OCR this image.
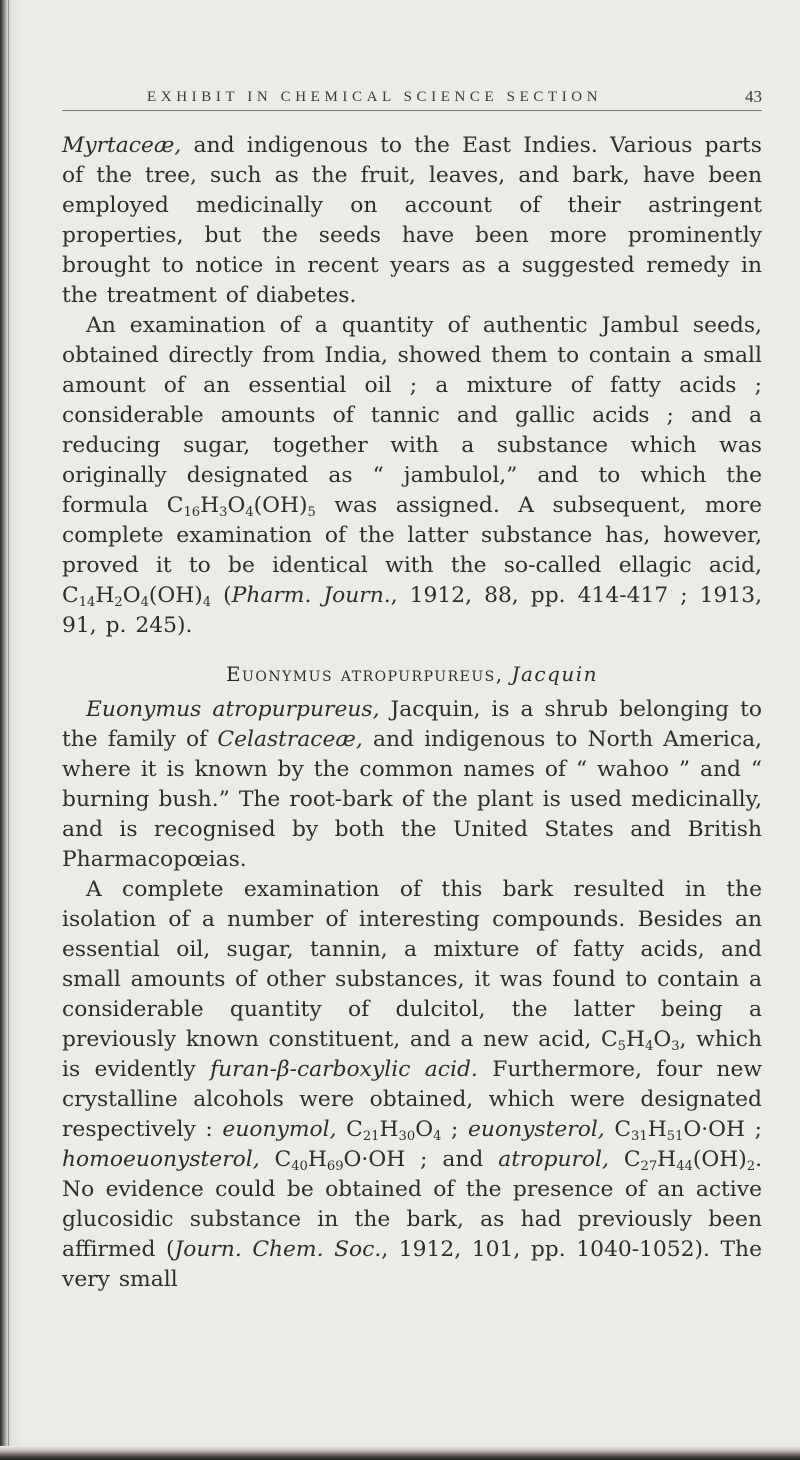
EXHIBIT IN CHEMICAL SCIENCE SECTION	43

Myrtaceæ, and indigenous to the East Indies. Various parts of the tree, such as the fruit, leaves, and bark, have been employed medicinally on account of their astringent properties, but the seeds have been more prominently brought to notice in recent years as a suggested remedy in the treatment of diabetes.

An examination of a quantity of authentic Jambul seeds, obtained directly from India, showed them to contain a small amount of an essential oil ; a mixture of fatty acids ; considerable amounts of tannic and gallic acids ; and a reducing sugar, together with a substance which was originally designated as “ jambulol,” and to which the formula $C_{16}H_3O_4(OH)_5$ was assigned. A subsequent, more complete examination of the latter substance has, however, proved it to be identical with the so-called ellagic acid, $C_{14}H_2O_4(OH)_4$ (Pharm. Journ., 1912, 88, pp. 414-417 ; 1913, 91, p. 245).

Euonymus atropurpureus, Jacquin

Euonymus atropurpureus, Jacquin, is a shrub belonging to the family of Celastraceæ, and indigenous to North America, where it is known by the common names of “ wahoo ” and “ burning bush.” The root-bark of the plant is used medicinally, and is recognised by both the United States and British Pharmacopœias.

A complete examination of this bark resulted in the isolation of a number of interesting compounds. Besides an essential oil, sugar, tannin, a mixture of fatty acids, and small amounts of other substances, it was found to contain a considerable quantity of dulcitol, the latter being a previously known constituent, and a new acid, $C_5H_4O_3$, which is evidently furan-β-carboxylic acid. Furthermore, four new crystalline alcohols were obtained, which were designated respectively : euonymol, $C_{21}H_{30}O_4$ ; euonysterol, $C_{31}H_{51}O\cdot OH$ ; homoeuonysterol, $C_{40}H_{69}O\cdot OH$ ; and atropurol, $C_{27}H_{44}(OH)_2$. No evidence could be obtained of the presence of an active glucosidic substance in the bark, as had previously been affirmed (Journ. Chem. Soc., 1912, 101, pp. 1040-1052). The very small
